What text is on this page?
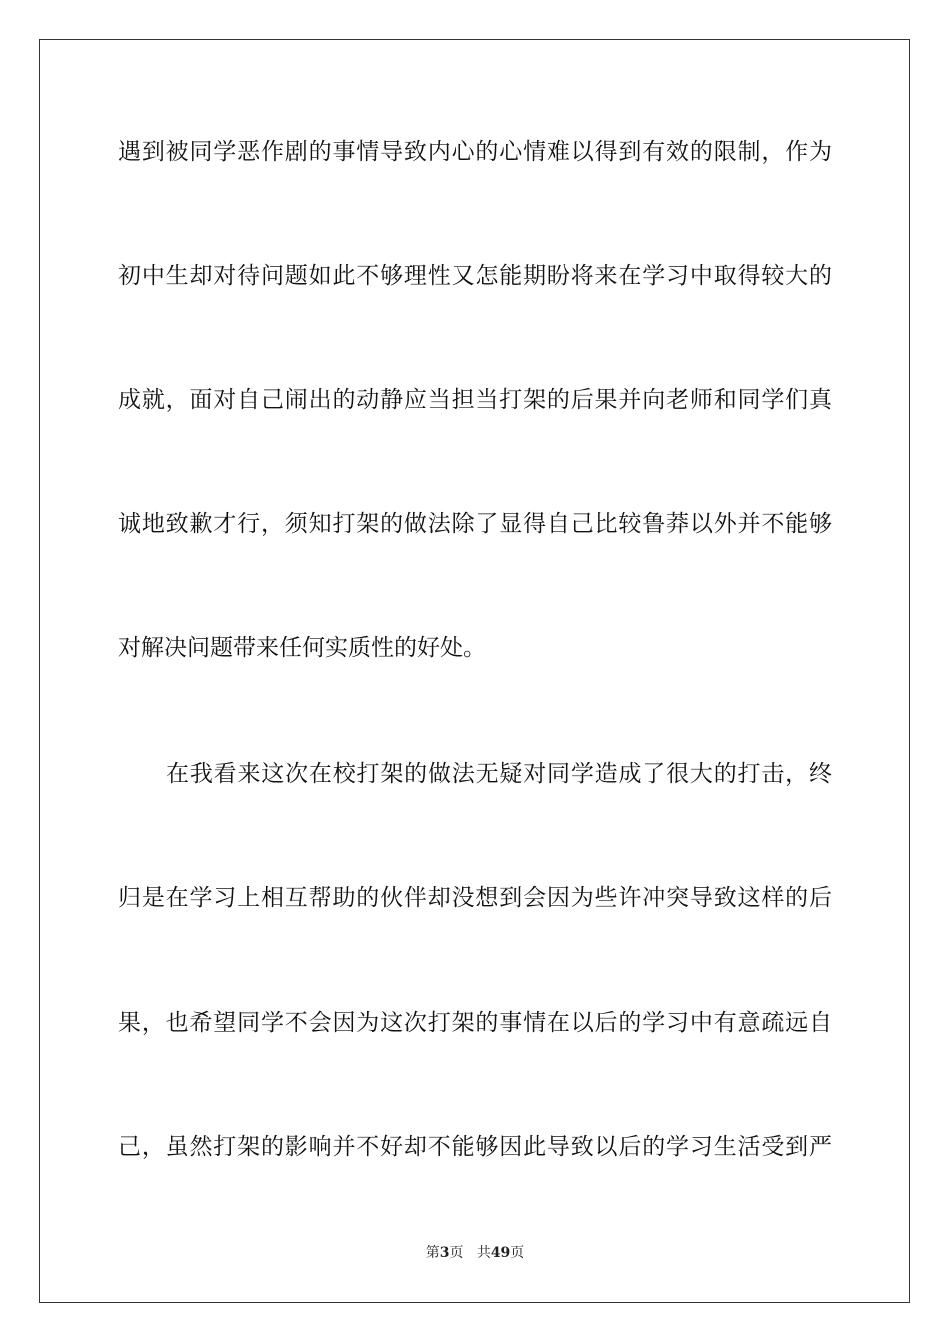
遇到被同学恶作剧的事情导致内心的心情难以得到有效的限制，作为
初中生却对待问题如此不够理性又怎能期盼将来在学习中取得较大的
成就，面对自己闹出的动静应当担当打架的后果并向老师和同学们真
诚地致歉才行，须知打架的做法除了显得自己比较鲁莽以外并不能够
对解决问题带来任何实质性的好处。
在我看来这次在校打架的做法无疑对同学造成了很大的打击，终
归是在学习上相互帮助的伙伴却没想到会因为些许冲突导致这样的后
果，也希望同学不会因为这次打架的事情在以后的学习中有意疏远自
己，虽然打架的影响并不好却不能够因此导致以后的学习生活受到严
第3页 共49页
